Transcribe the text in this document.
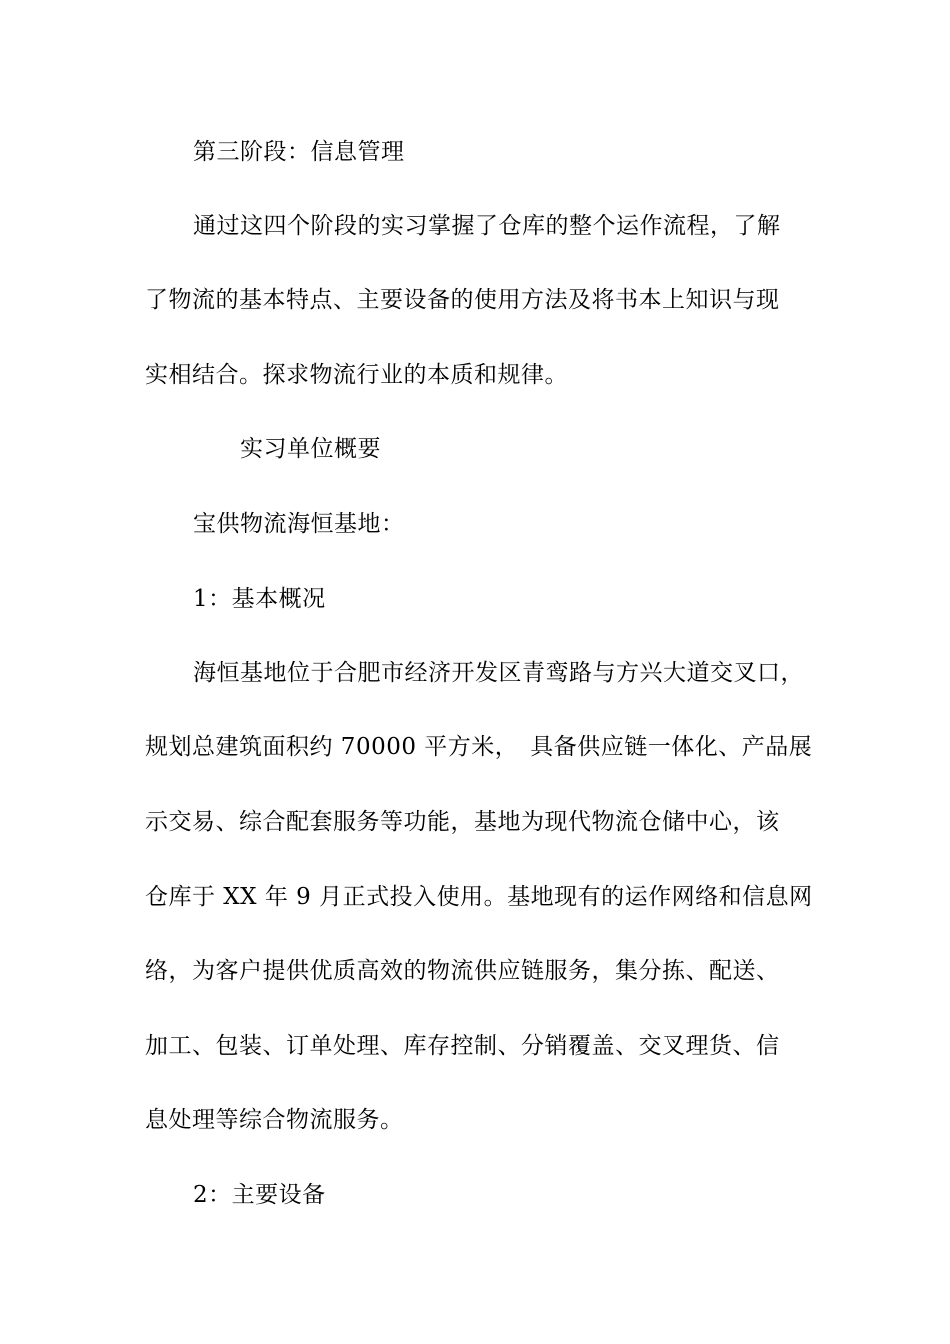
第三阶段：信息管理
通过这四个阶段的实习掌握了仓库的整个运作流程，了解
了物流的基本特点、主要设备的使用方法及将书本上知识与现
实相结合。探求物流行业的本质和规律。
实习单位概要
宝供物流海恒基地：
1：基本概况
海恒基地位于合肥市经济开发区青鸾路与方兴大道交叉口，
规划总建筑面积约 70000 平方米，　具备供应链一体化、产品展
示交易、综合配套服务等功能，基地为现代物流仓储中心，该
仓库于 XX 年 9 月正式投入使用。基地现有的运作网络和信息网
络，为客户提供优质高效的物流供应链服务，集分拣、配送、
加工、包装、订单处理、库存控制、分销覆盖、交叉理货、信
息处理等综合物流服务。
2：主要设备
